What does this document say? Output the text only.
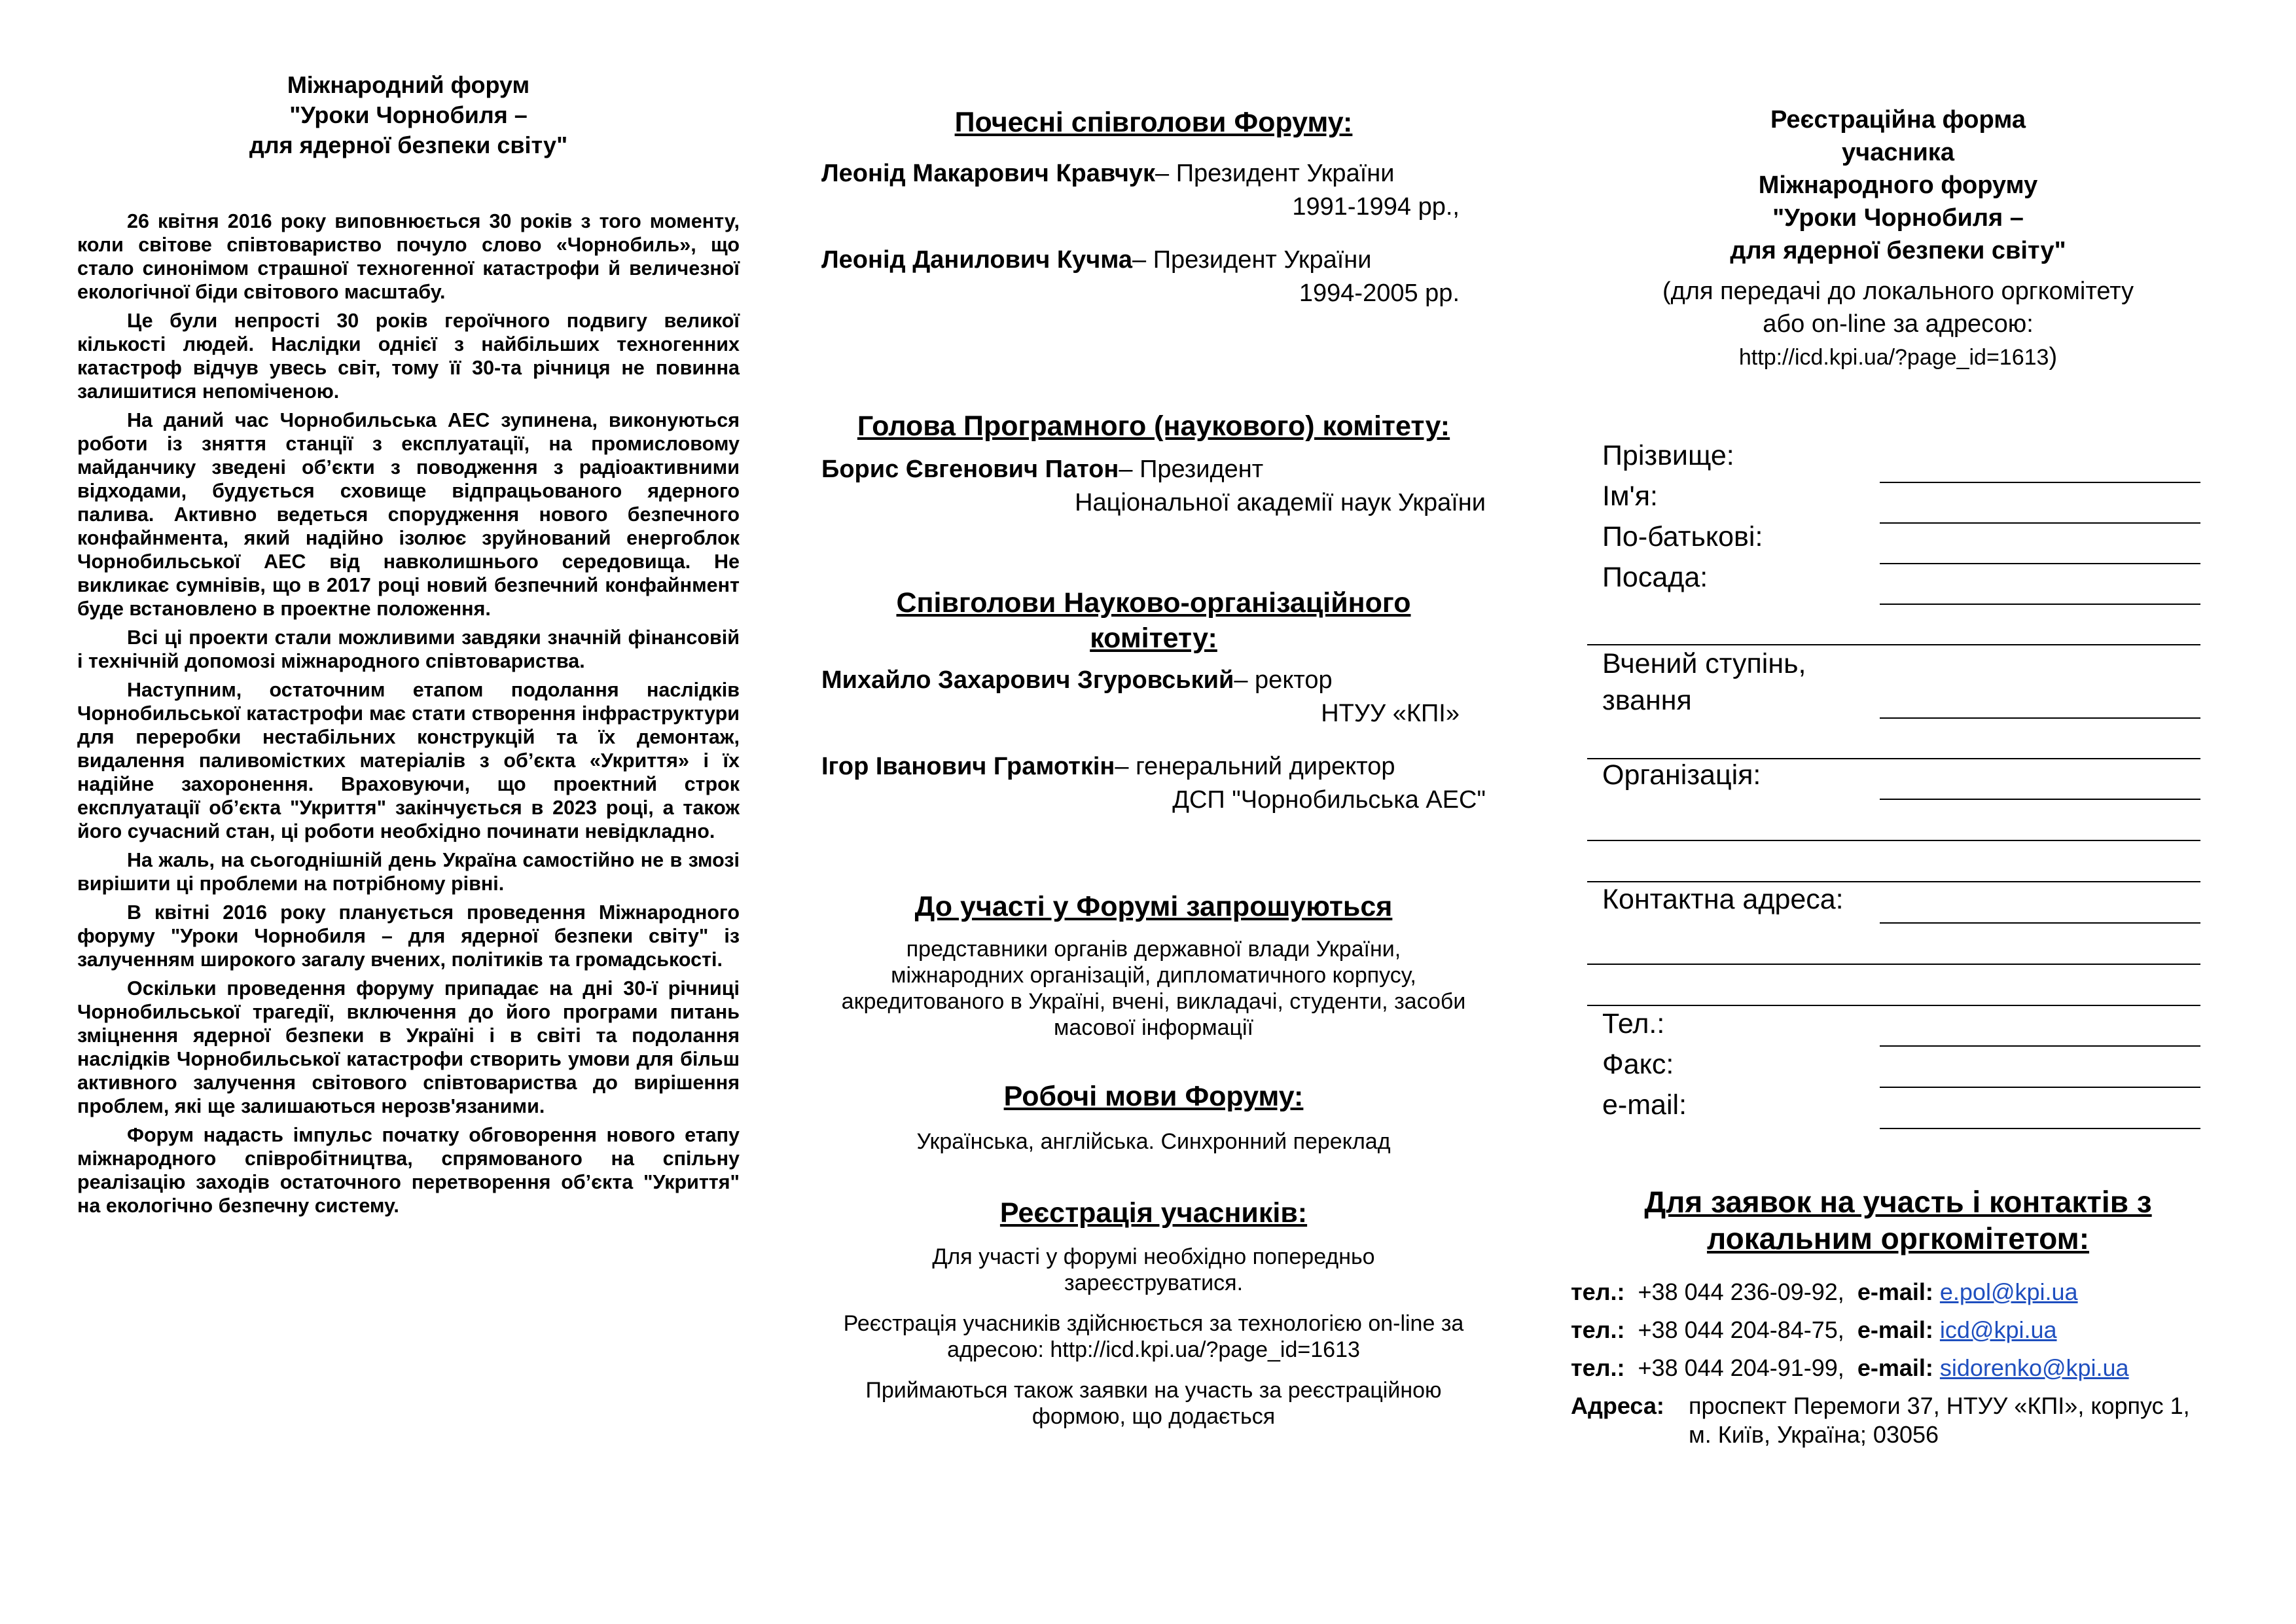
Міжнародний форум
"Уроки Чорнобиля –
для ядерної безпеки світу"

26 квітня 2016 року виповнюється 30 років з того моменту, коли світове співтовариство почуло слово «Чорнобиль», що стало синонімом страшної техногенної катастрофи й величезної екологічної біди світового масштабу.

Це були непрості 30 років героїчного подвигу великої кількості людей. Наслідки однієї з найбільших техногенних катастроф відчув увесь світ, тому її 30-та річниця не повинна залишитися непоміченою.

На даний час Чорнобильська АЕС зупинена, виконуються роботи із зняття станції з експлуатації, на промисловому майданчику зведені об’єкти з поводження з радіоактивними відходами, будується сховище відпрацьованого ядерного палива. Активно ведеться спорудження нового безпечного конфайнмента, який надійно ізолює зруйнований енергоблок Чорнобильської АЕС від навколишнього середовища. Не викликає сумнівів, що в 2017 році новий безпечний конфайнмент буде встановлено в проектне положення.

Всі ці проекти стали можливими завдяки значній фінансовій і технічній допомозі міжнародного співтовариства.

Наступним, остаточним етапом подолання наслідків Чорнобильської катастрофи має стати створення інфраструктури для переробки нестабільних конструкцій та їх демонтаж, видалення паливомістких матеріалів з об’єкта «Укриття» і їх надійне захоронення. Враховуючи, що проектний строк експлуатації об’єкта "Укриття" закінчується в 2023 році, а також його сучасний стан, ці роботи необхідно починати невідкладно.

На жаль, на сьогоднішній день Україна самостійно не в змозі вирішити ці проблеми на потрібному рівні.

В квітні 2016 року планується проведення Міжнародного форуму "Уроки Чорнобиля – для ядерної безпеки світу" із залученням широкого загалу вчених, політиків та громадськості.

Оскільки проведення форуму припадає на дні 30-ї річниці Чорнобильської трагедії, включення до його програми питань зміцнення ядерної безпеки в Україні і в світі та подолання наслідків Чорнобильської катастрофи створить умови для більш активного залучення світового співтовариства до вирішення проблем, які ще залишаються нерозв'язаними.

Форум надасть імпульс початку обговорення нового етапу міжнародного співробітництва, спрямованого на спільну реалізацію заходів остаточного перетворення об’єкта "Укриття" на екологічно безпечну систему.

Почесні співголови Форуму:
Леонід Макарович Кравчук– Президент України
1991-1994 рр.,
Леонід Данилович Кучма– Президент України
1994-2005 рр.
Голова Програмного (наукового) комітету:
Борис Євгенович Патон– Президент
Національної академії наук України
Співголови Науково-організаційного
комітету:
Михайло Захарович Згуровський– ректор
НТУУ «КПІ»
Ігор Іванович Грамоткін– генеральний директор
ДСП "Чорнобильська АЕС"
До участі у Форумі запрошуються
представники органів державної влади України, міжнародних організацій, дипломатичного корпусу, акредитованого в Україні, вчені, викладачі, студенти, засоби масової інформації
Робочі мови Форуму:
Українська, англійська. Синхронний переклад
Реєстрація учасників:
Для участі у форумі необхідно попередньо зареєструватися.
Реєстрація учасників здійснюється за технологією on-line за адресою: http://icd.kpi.ua/?page_id=1613
Приймаються також заявки на участь за реєстраційною формою, що додається
Реєстраційна форма
учасника
Міжнародного форуму
"Уроки Чорнобиля –
для ядерної безпеки світу"
(для передачі до локального оргкомітету
або on-line за адресою:
http://icd.kpi.ua/?page_id=1613)
Прізвище:
Ім'я:
По-батькові:
Посада:
Вчений ступінь,
звання
Організація:
Контактна адреса:
Тел.:
Факс:
e-mail:
Для заявок на участь і контактів з
локальним оргкомітетом:
тел.: +38 044 236-09-92, e-mail: e.pol@kpi.ua
тел.: +38 044 204-84-75, e-mail: icd@kpi.ua
тел.: +38 044 204-91-99, e-mail: sidorenko@kpi.ua
Адреса: проспект Перемоги 37, НТУУ «КПІ», корпус 1,
м. Київ, Україна; 03056
